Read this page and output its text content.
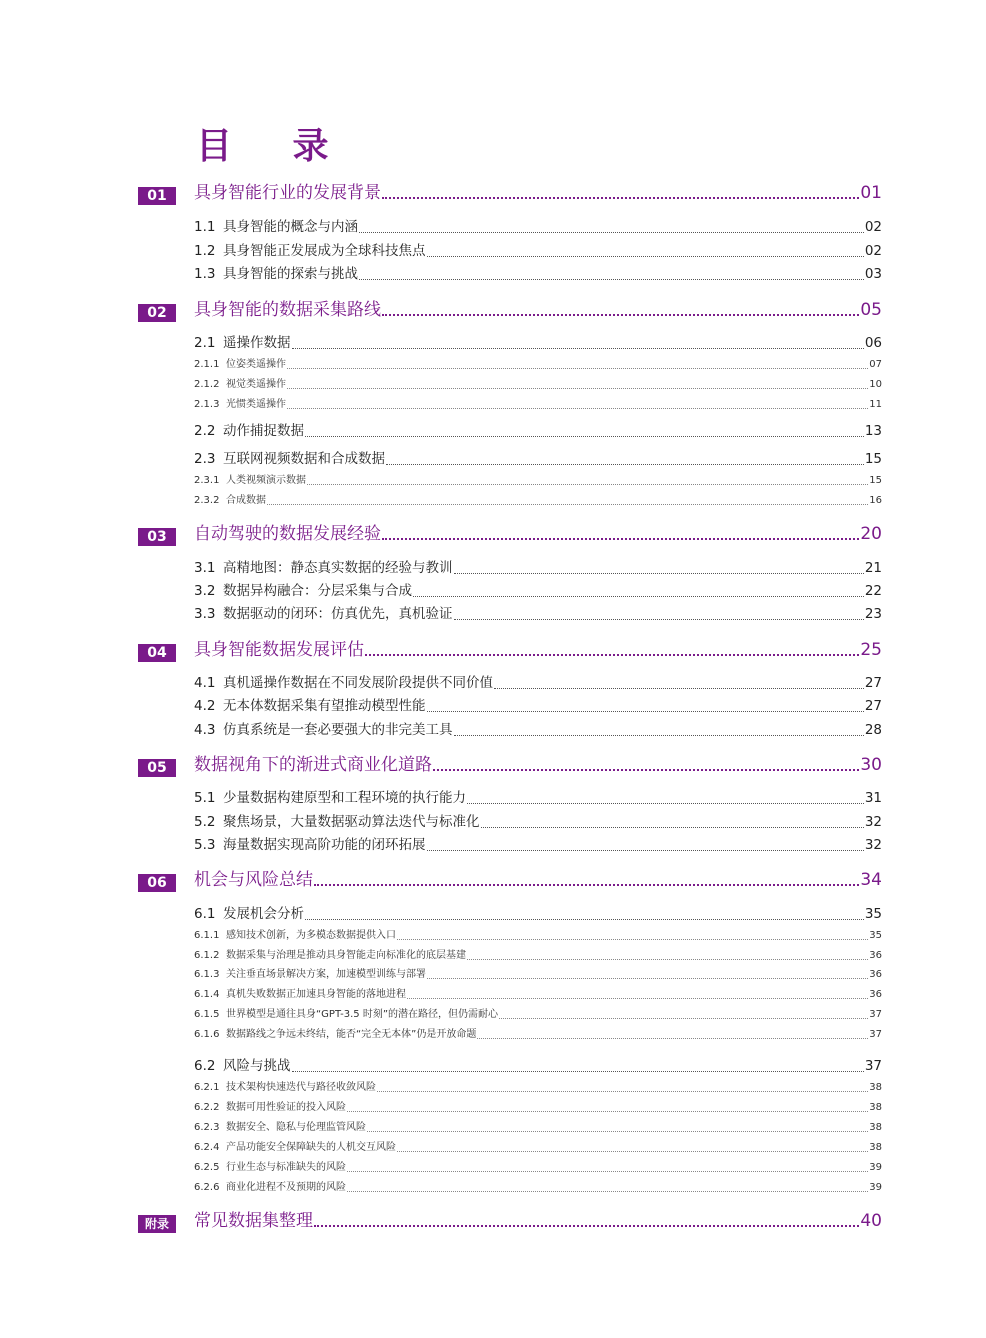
目 录
01	具身智能行业的发展背景	01
1.1 具身智能的概念与内涵	02
1.2 具身智能正发展成为全球科技焦点	02
1.3 具身智能的探索与挑战	03
02	具身智能的数据采集路线	05
2.1 遥操作数据	06
2.1.1 位姿类遥操作	07
2.1.2 视觉类遥操作	10
2.1.3 光惯类遥操作	11
2.2 动作捕捉数据	13
2.3 互联网视频数据和合成数据	15
2.3.1 人类视频演示数据	15
2.3.2 合成数据	16
03	自动驾驶的数据发展经验	20
3.1 高精地图：静态真实数据的经验与教训	21
3.2 数据异构融合：分层采集与合成	22
3.3 数据驱动的闭环：仿真优先，真机验证	23
04	具身智能数据发展评估	25
4.1 真机遥操作数据在不同发展阶段提供不同价值	27
4.2 无本体数据采集有望推动模型性能	27
4.3 仿真系统是一套必要强大的非完美工具	28
05	数据视角下的渐进式商业化道路	30
5.1 少量数据构建原型和工程环境的执行能力	31
5.2 聚焦场景，大量数据驱动算法迭代与标准化	32
5.3 海量数据实现高阶功能的闭环拓展	32
06	机会与风险总结	34
6.1 发展机会分析	35
6.1.1 感知技术创新，为多模态数据提供入口	35
6.1.2 数据采集与治理是推动具身智能走向标准化的底层基建	36
6.1.3 关注垂直场景解决方案，加速模型训练与部署	36
6.1.4 真机失败数据正加速具身智能的落地进程	36
6.1.5 世界模型是通往具身“GPT-3.5 时刻”的潜在路径，但仍需耐心	37
6.1.6 数据路线之争远未终结，能否“完全无本体”仍是开放命题	37
6.2 风险与挑战	37
6.2.1 技术架构快速迭代与路径收敛风险	38
6.2.2 数据可用性验证的投入风险	38
6.2.3 数据安全、隐私与伦理监管风险	38
6.2.4 产品功能安全保障缺失的人机交互风险	38
6.2.5 行业生态与标准缺失的风险	39
6.2.6 商业化进程不及预期的风险	39
附录	常见数据集整理	40
